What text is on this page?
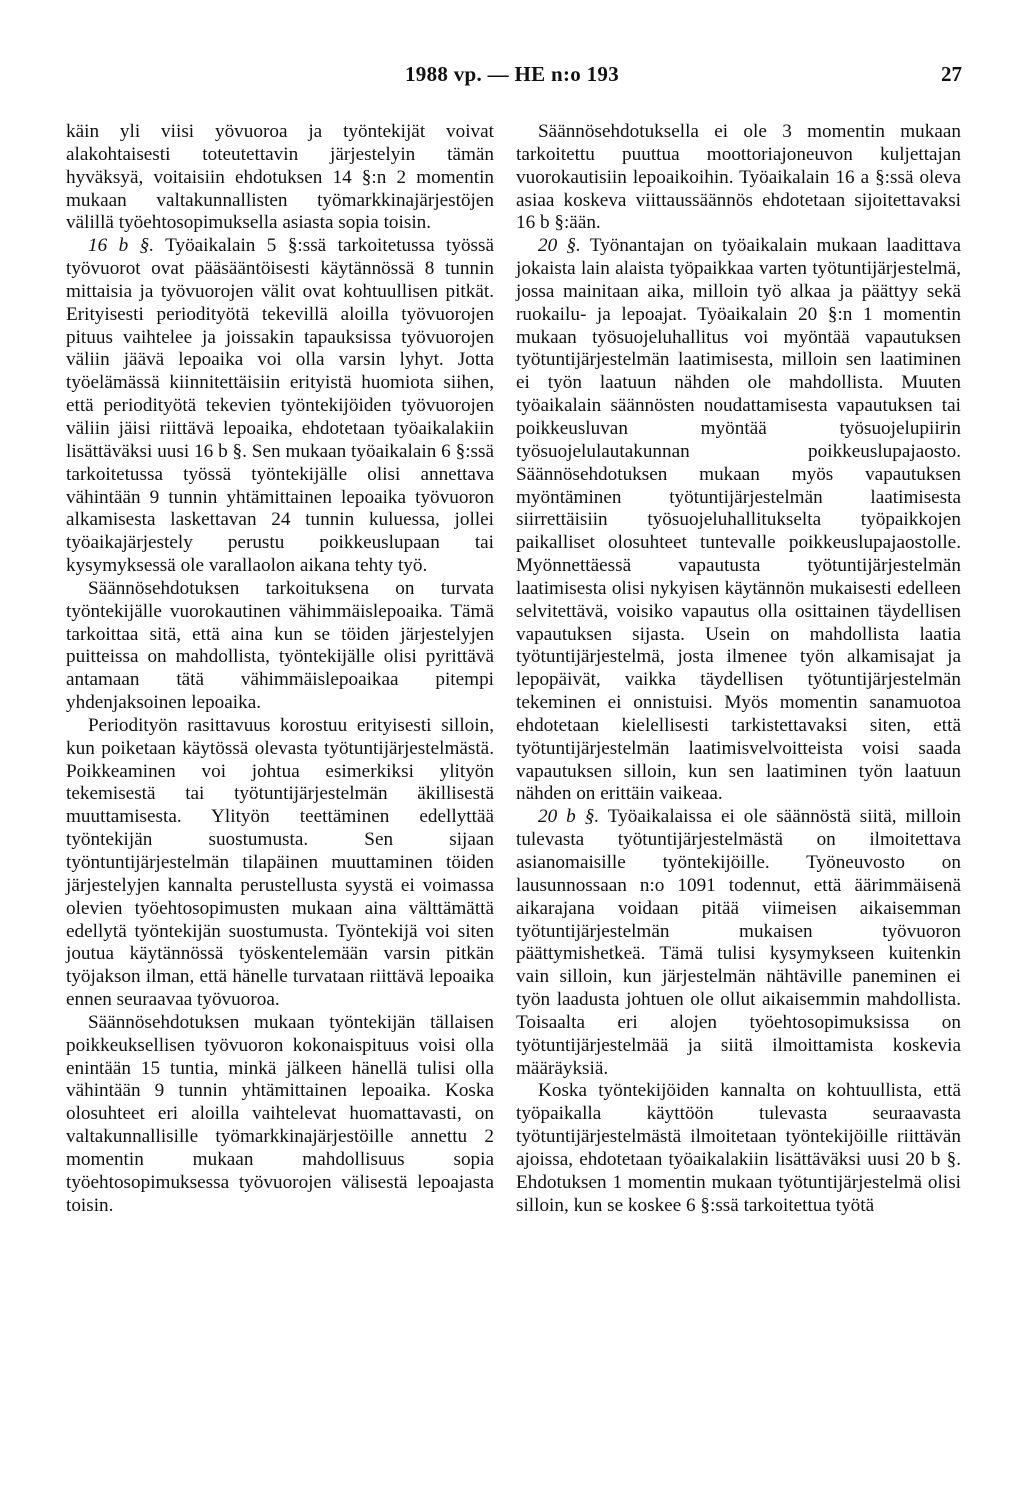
1988 vp. — HE n:o 193	27

käin yli viisi yövuoroa ja työntekijät voivat alakohtaisesti toteutettavin järjestelyin tämän hyväksyä, voitaisiin ehdotuksen 14 §:n 2 momentin mukaan valtakunnallisten työmarkkinajärjestöjen välillä työehtosopimuksella asiasta sopia toisin.

16 b §. Työaikalain 5 §:ssä tarkoitetussa työssä työvuorot ovat pääsääntöisesti käytännössä 8 tunnin mittaisia ja työvuorojen välit ovat kohtuullisen pitkät. Erityisesti periodityötä tekevillä aloilla työvuorojen pituus vaihtelee ja joissakin tapauksissa työvuorojen väliin jäävä lepoaika voi olla varsin lyhyt. Jotta työelämässä kiinnitettäisiin erityistä huomiota siihen, että periodityötä tekevien työntekijöiden työvuorojen väliin jäisi riittävä lepoaika, ehdotetaan työaikalakiin lisättäväksi uusi 16 b §. Sen mukaan työaikalain 6 §:ssä tarkoitetussa työssä työntekijälle olisi annettava vähintään 9 tunnin yhtämittainen lepoaika työvuoron alkamisesta laskettavan 24 tunnin kuluessa, jollei työaikajärjestely perustu poikkeuslupaan tai kysymyksessä ole varallaolon aikana tehty työ.

Säännösehdotuksen tarkoituksena on turvata työntekijälle vuorokautinen vähimmäislepoaika. Tämä tarkoittaa sitä, että aina kun se töiden järjestelyjen puitteissa on mahdollista, työntekijälle olisi pyrittävä antamaan tätä vähimmäislepoaikaa pitempi yhdenjaksoinen lepoaika.

Periodityön rasittavuus korostuu erityisesti silloin, kun poiketaan käytössä olevasta työtuntijärjestelmästä. Poikkeaminen voi johtua esimerkiksi ylityön tekemisestä tai työtuntijärjestelmän äkillisestä muuttamisesta. Ylityön teettäminen edellyttää työntekijän suostumusta. Sen sijaan työntuntijärjestelmän tilapäinen muuttaminen töiden järjestelyjen kannalta perustellusta syystä ei voimassa olevien työehtosopimusten mukaan aina välttämättä edellytä työntekijän suostumusta. Työntekijä voi siten joutua käytännössä työskentelemään varsin pitkän työjakson ilman, että hänelle turvataan riittävä lepoaika ennen seuraavaa työvuoroa.

Säännösehdotuksen mukaan työntekijän tällaisen poikkeuksellisen työvuoron kokonaispituus voisi olla enintään 15 tuntia, minkä jälkeen hänellä tulisi olla vähintään 9 tunnin yhtämittainen lepoaika. Koska olosuhteet eri aloilla vaihtelevat huomattavasti, on valtakunnallisille työmarkkinajärjestöille annettu 2 momentin mukaan mahdollisuus sopia työehtosopimuksessa työvuorojen välisestä lepoajasta toisin.

Säännösehdotuksella ei ole 3 momentin mukaan tarkoitettu puuttua moottoriajoneuvon kuljettajan vuorokautisiin lepoaikoihin. Työaikalain 16 a §:ssä oleva asiaa koskeva viittaussäännös ehdotetaan sijoitettavaksi 16 b §:ään.

20 §. Työnantajan on työaikalain mukaan laadittava jokaista lain alaista työpaikkaa varten työtuntijärjestelmä, jossa mainitaan aika, milloin työ alkaa ja päättyy sekä ruokailu- ja lepoajat. Työaikalain 20 §:n 1 momentin mukaan työsuojeluhallitus voi myöntää vapautuksen työtuntijärjestelmän laatimisesta, milloin sen laatiminen ei työn laatuun nähden ole mahdollista. Muuten työaikalain säännösten noudattamisesta vapautuksen tai poikkeusluvan myöntää työsuojelupiirin työsuojelulautakunnan poikkeuslupajaosto. Säännösehdotuksen mukaan myös vapautuksen myöntäminen työtuntijärjestelmän laatimisesta siirrettäisiin työsuojeluhallitukselta työpaikkojen paikalliset olosuhteet tuntevalle poikkeuslupajaostolle. Myönnettäessä vapautusta työtuntijärjestelmän laatimisesta olisi nykyisen käytännön mukaisesti edelleen selvitettävä, voisiko vapautus olla osittainen täydellisen vapautuksen sijasta. Usein on mahdollista laatia työtuntijärjestelmä, josta ilmenee työn alkamisajat ja lepopäivät, vaikka täydellisen työtuntijärjestelmän tekeminen ei onnistuisi. Myös momentin sanamuotoa ehdotetaan kielellisesti tarkistettavaksi siten, että työtuntijärjestelmän laatimisvelvoitteista voisi saada vapautuksen silloin, kun sen laatiminen työn laatuun nähden on erittäin vaikeaa.

20 b §. Työaikalaissa ei ole säännöstä siitä, milloin tulevasta työtuntijärjestelmästä on ilmoitettava asianomaisille työntekijöille. Työneuvosto on lausunnossaan n:o 1091 todennut, että äärimmäisenä aikarajana voidaan pitää viimeisen aikaisemman työtuntijärjestelmän mukaisen työvuoron päättymishetkeä. Tämä tulisi kysymykseen kuitenkin vain silloin, kun järjestelmän nähtäville paneminen ei työn laadusta johtuen ole ollut aikaisemmin mahdollista. Toisaalta eri alojen työehtosopimuksissa on työtuntijärjestelmää ja siitä ilmoittamista koskevia määräyksiä.

Koska työntekijöiden kannalta on kohtuullista, että työpaikalla käyttöön tulevasta seuraavasta työtuntijärjestelmästä ilmoitetaan työntekijöille riittävän ajoissa, ehdotetaan työaikalakiin lisättäväksi uusi 20 b §. Ehdotuksen 1 momentin mukaan työtuntijärjestelmä olisi silloin, kun se koskee 6 §:ssä tarkoitettua työtä
